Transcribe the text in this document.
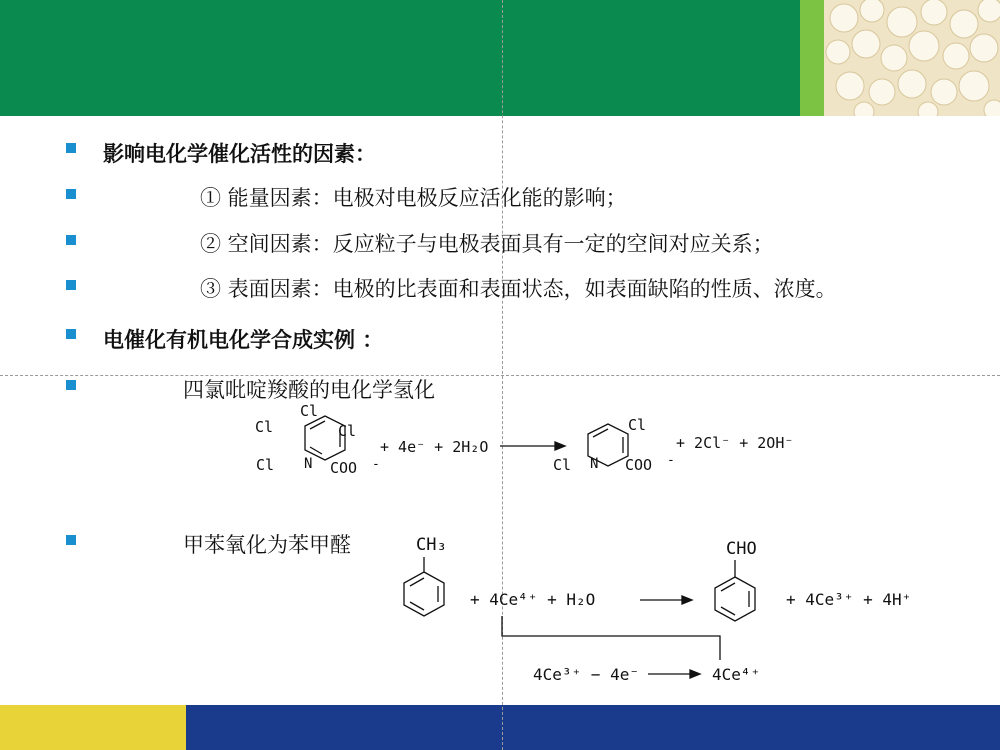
影响电化学催化活性的因素：
① 能量因素：电极对电极反应活化能的影响；
② 空间因素：反应粒子与电极表面具有一定的空间对应关系；
③ 表面因素：电极的比表面和表面状态，如表面缺陷的性质、浓度。
电催化有机电化学合成实例 ：
四氯吡啶羧酸的电化学氢化
甲苯氧化为苯甲醛
Cl
Cl	Cl
Cl N COO -
+ 4e⁻ + 2H₂O
Cl
Cl N COO -
+ 2Cl⁻ + 2OH⁻
CH₃
+ 4Ce⁴⁺ + H₂O
CHO
+ 4Ce³⁺ + 4H⁺
4Ce³⁺ − 4e⁻	4Ce⁴⁺
